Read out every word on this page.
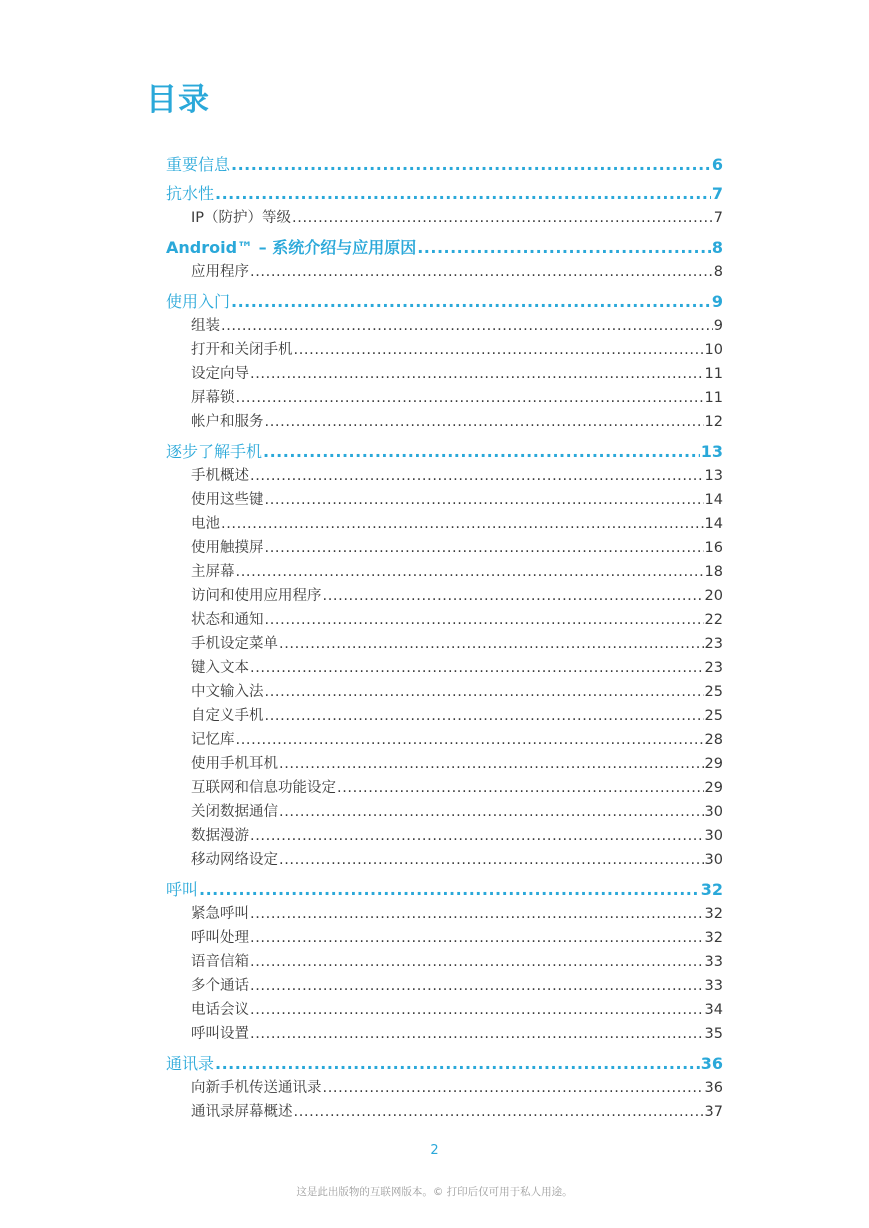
目录
重要信息 .....	6
抗水性 .....	7
IP（防护）等级 .....	7
Android™ – 系统介绍与应用原因 .....	8
应用程序 .....	8
使用入门 .....	9
组装 .....	9
打开和关闭手机 .....	10
设定向导 .....	11
屏幕锁 .....	11
帐户和服务 .....	12
逐步了解手机 .....	13
手机概述 .....	13
使用这些键 .....	14
电池 .....	14
使用触摸屏 .....	16
主屏幕 .....	18
访问和使用应用程序 .....	20
状态和通知 .....	22
手机设定菜单 .....	23
键入文本 .....	23
中文输入法 .....	25
自定义手机 .....	25
记忆库 .....	28
使用手机耳机 .....	29
互联网和信息功能设定 .....	29
关闭数据通信 .....	30
数据漫游 .....	30
移动网络设定 .....	30
呼叫 .....	32
紧急呼叫 .....	32
呼叫处理 .....	32
语音信箱 .....	33
多个通话 .....	33
电话会议 .....	34
呼叫设置 .....	35
通讯录 .....	36
向新手机传送通讯录 .....	36
通讯录屏幕概述 .....	37
2
这是此出版物的互联网版本。© 打印后仅可用于私人用途。
